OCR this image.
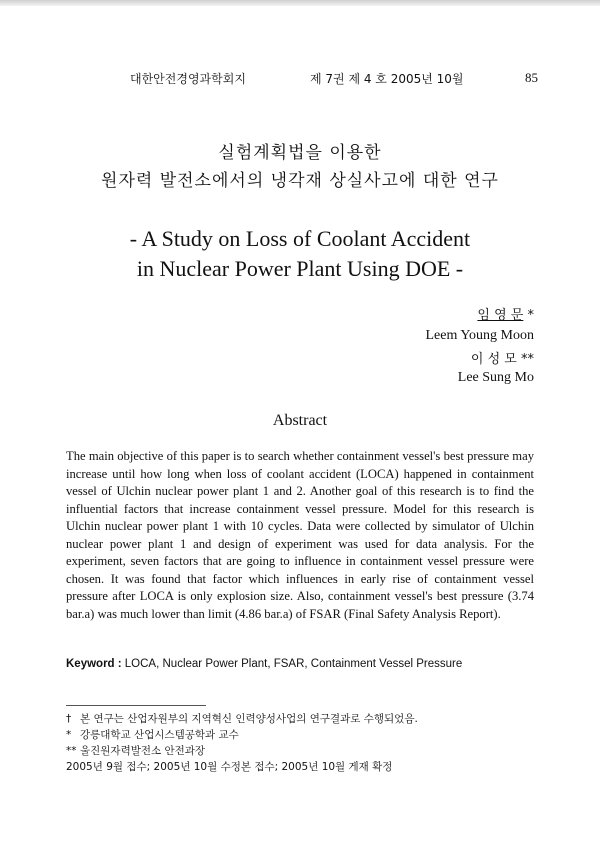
대한안전경영과학회지	제 7권 제 4 호 2005년 10월	85
실험계획법을 이용한
원자력 발전소에서의 냉각재 상실사고에 대한 연구
- A Study on Loss of Coolant Accident
in Nuclear Power Plant Using DOE -
임 영 문 *
Leem Young Moon
이 성 모 **
Lee Sung Mo
Abstract

The main objective of this paper is to search whether containment vessel's best pressure may increase until how long when loss of coolant accident (LOCA) happened in containment vessel of Ulchin nuclear power plant 1 and 2. Another goal of this research is to find the influential factors that increase containment vessel pressure. Model for this research is Ulchin nuclear power plant 1 with 10 cycles. Data were collected by simulator of Ulchin nuclear power plant 1 and design of experiment was used for data analysis. For the experiment, seven factors that are going to influence in containment vessel pressure were chosen. It was found that factor which influences in early rise of containment vessel pressure after LOCA is only explosion size. Also, containment vessel's best pressure (3.74 bar.a) was much lower than limit (4.86 bar.a) of FSAR (Final Safety Analysis Report).

Keyword : LOCA, Nuclear Power Plant, FSAR, Containment Vessel Pressure
† 본 연구는 산업자원부의 지역혁신 인력양성사업의 연구결과로 수행되었음.
* 강릉대학교 산업시스템공학과 교수
** 울진원자력발전소 안전과장
2005년 9월 접수; 2005년 10월 수정본 접수; 2005년 10월 게재 확정
